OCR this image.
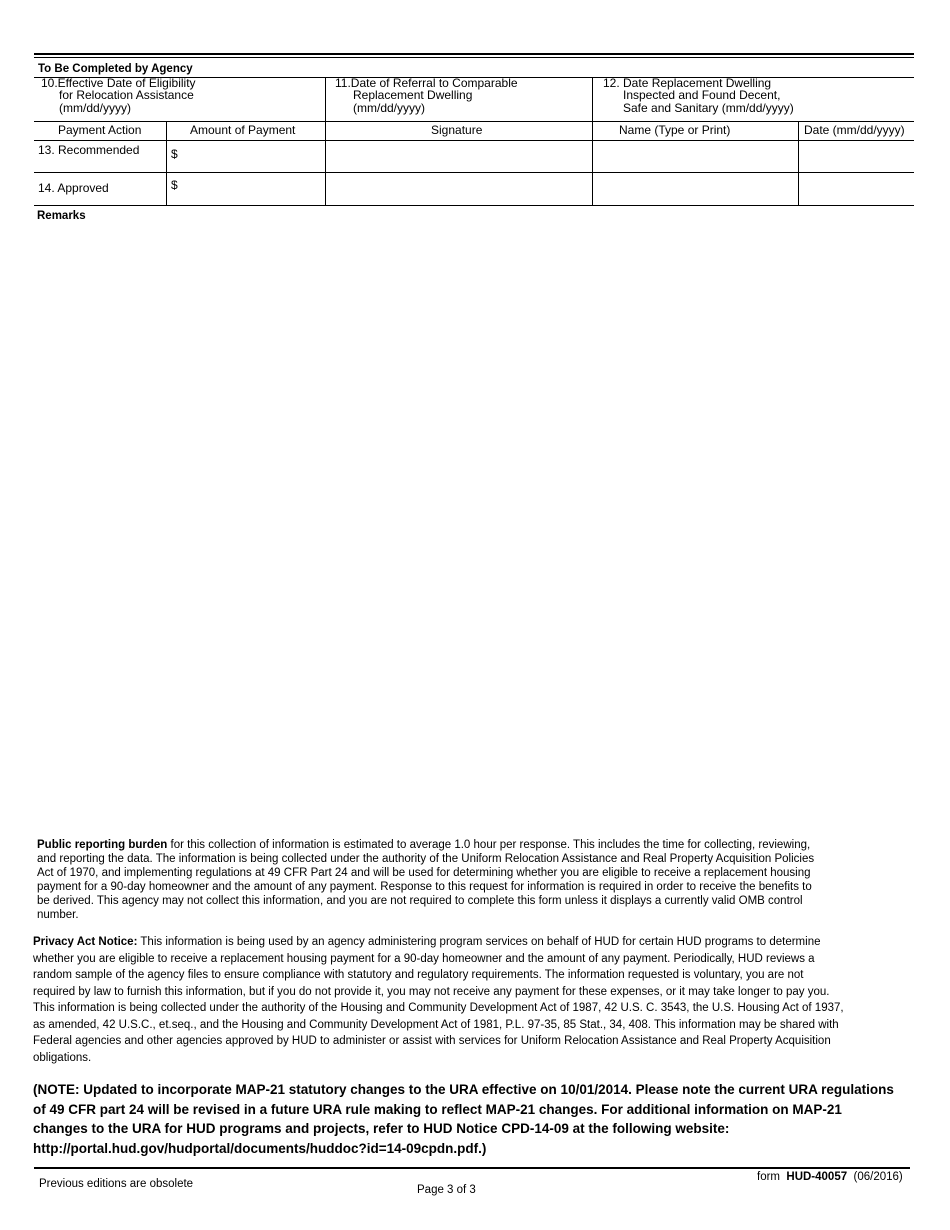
To Be Completed by Agency
10.Effective Date of Eligibility
for Relocation Assistance
(mm/dd/yyyy)
11.Date of Referral to Comparable
Replacement Dwelling
(mm/dd/yyyy)
12. Date Replacement Dwelling
Inspected and Found Decent,
Safe and Sanitary (mm/dd/yyyy)
Payment Action	Amount of Payment	Signature	Name (Type or Print)	Date (mm/dd/yyyy)
13. Recommended	$
14. Approved	$
Remarks
Public reporting burden for this collection of information is estimated to average 1.0 hour per response. This includes the time for collecting, reviewing,
and reporting the data. The information is being collected under the authority of the Uniform Relocation Assistance and Real Property Acquisition Policies
Act of 1970, and implementing regulations at 49 CFR Part 24 and will be used for determining whether you are eligible to receive a replacement housing
payment for a 90-day homeowner and the amount of any payment. Response to this request for information is required in order to receive the benefits to
be derived. This agency may not collect this information, and you are not required to complete this form unless it displays a currently valid OMB control
number.
Privacy Act Notice: This information is being used by an agency administering program services on behalf of HUD for certain HUD programs to determine
whether you are eligible to receive a replacement housing payment for a 90-day homeowner and the amount of any payment. Periodically, HUD reviews a
random sample of the agency files to ensure compliance with statutory and regulatory requirements. The information requested is voluntary, you are not
required by law to furnish this information, but if you do not provide it, you may not receive any payment for these expenses, or it may take longer to pay you.
This information is being collected under the authority of the Housing and Community Development Act of 1987, 42 U.S. C. 3543, the U.S. Housing Act of 1937,
as amended, 42 U.S.C., et.seq., and the Housing and Community Development Act of 1981, P.L. 97-35, 85 Stat., 34, 408. This information may be shared with
Federal agencies and other agencies approved by HUD to administer or assist with services for Uniform Relocation Assistance and Real Property Acquisition
obligations.
(NOTE: Updated to incorporate MAP-21 statutory changes to the URA effective on 10/01/2014. Please note the current URA regulations
of 49 CFR part 24 will be revised in a future URA rule making to reflect MAP-21 changes. For additional information on MAP-21
changes to the URA for HUD programs and projects, refer to HUD Notice CPD-14-09 at the following website:
http://portal.hud.gov/hudportal/documents/huddoc?id=14-09cpdn.pdf.)
Previous editions are obsolete	Page 3 of 3
form HUD-40057 (06/2016)
